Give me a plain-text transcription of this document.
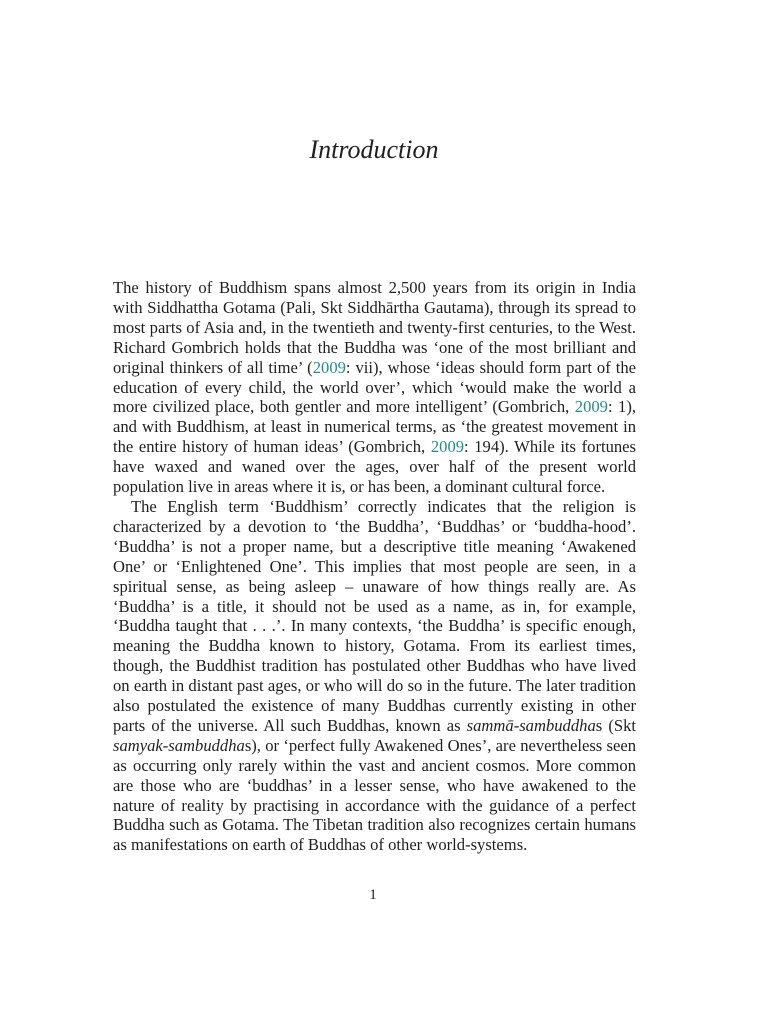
Introduction

The history of Buddhism spans almost 2,500 years from its origin in India with Siddhattha Gotama (Pali, Skt Siddhārtha Gautama), through its spread to most parts of Asia and, in the twentieth and twenty-first centuries, to the West. Richard Gombrich holds that the Buddha was ‘one of the most brilliant and original thinkers of all time’ (2009: vii), whose ‘ideas should form part of the education of every child, the world over’, which ‘would make the world a more civilized place, both gentler and more intelligent’ (Gombrich, 2009: 1), and with Buddhism, at least in numerical terms, as ‘the greatest movement in the entire history of human ideas’ (Gombrich, 2009: 194). While its fortunes have waxed and waned over the ages, over half of the present world population live in areas where it is, or has been, a dominant cultural force.

The English term ‘Buddhism’ correctly indicates that the religion is characterized by a devotion to ‘the Buddha’, ‘Buddhas’ or ‘buddha-hood’. ‘Buddha’ is not a proper name, but a descriptive title meaning ‘Awakened One’ or ‘Enlightened One’. This implies that most people are seen, in a spiritual sense, as being asleep – unaware of how things really are. As ‘Buddha’ is a title, it should not be used as a name, as in, for example, ‘Buddha taught that . . .’. In many contexts, ‘the Buddha’ is specific enough, meaning the Buddha known to history, Gotama. From its earliest times, though, the Buddhist tradition has postulated other Buddhas who have lived on earth in distant past ages, or who will do so in the future. The later tradition also postulated the existence of many Buddhas currently existing in other parts of the universe. All such Buddhas, known as sammā-sambuddhas (Skt samyak-sambuddhas), or ‘perfect fully Awakened Ones’, are nevertheless seen as occurring only rarely within the vast and ancient cosmos. More common are those who are ‘buddhas’ in a lesser sense, who have awakened to the nature of reality by practising in accordance with the guidance of a perfect Buddha such as Gotama. The Tibetan tradition also recognizes certain humans as manifestations on earth of Buddhas of other world-systems.

1
